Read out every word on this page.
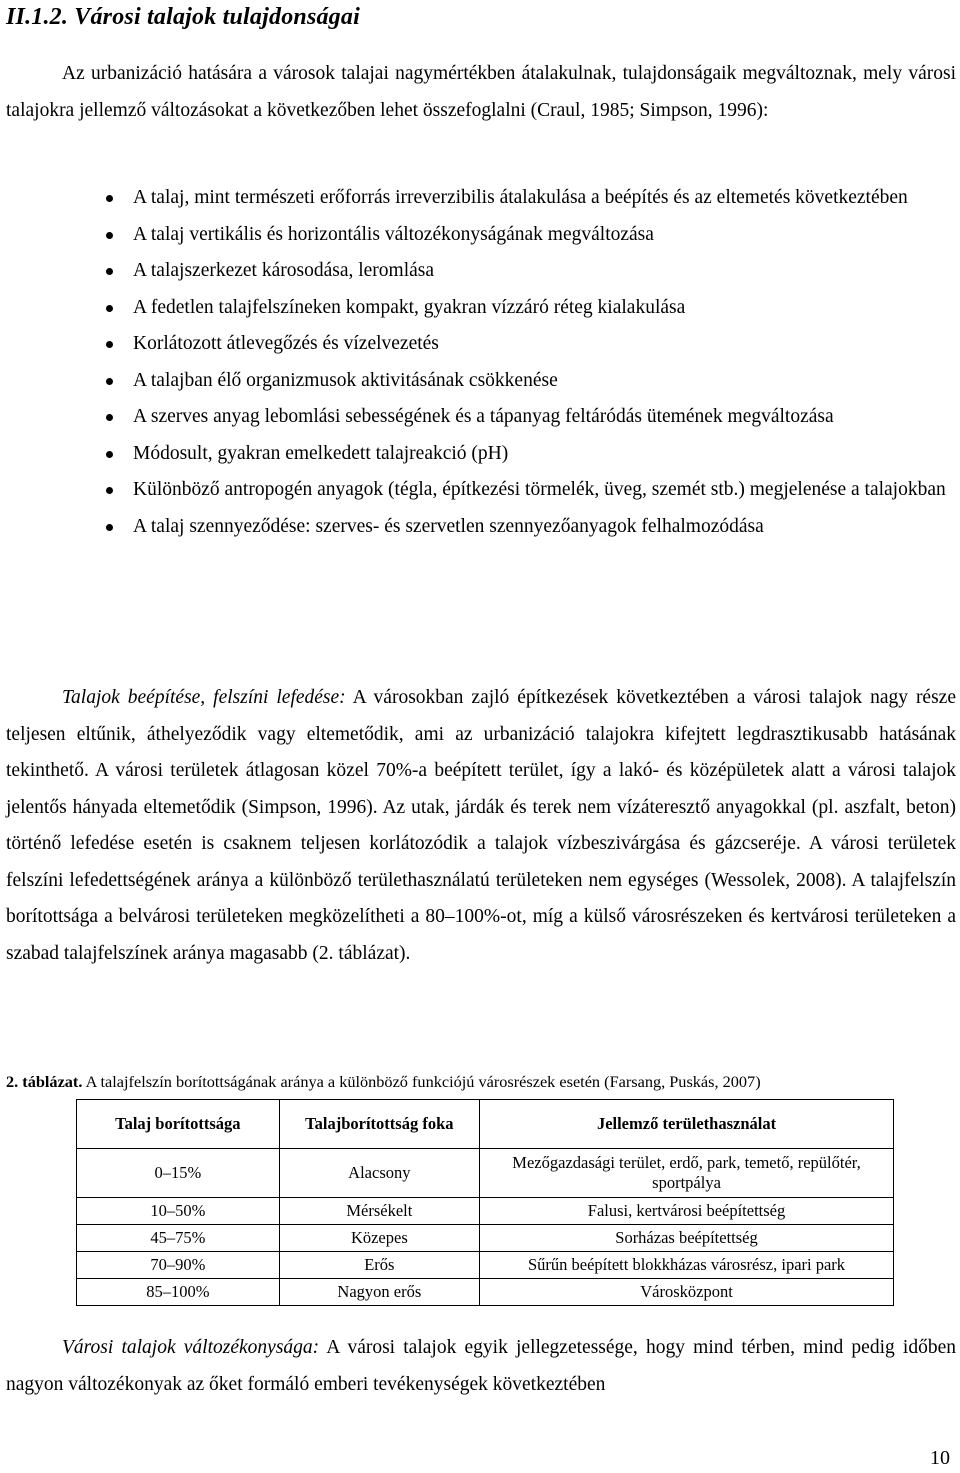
II.1.2. Városi talajok tulajdonságai

Az urbanizáció hatására a városok talajai nagymértékben átalakulnak, tulajdonságaik megváltoznak, mely városi talajokra jellemző változásokat a következőben lehet összefoglalni (Craul, 1985; Simpson, 1996):

A talaj, mint természeti erőforrás irreverzibilis átalakulása a beépítés és az eltemetés következtében
A talaj vertikális és horizontális változékonyságának megváltozása
A talajszerkezet károsodása, leromlása
A fedetlen talajfelszíneken kompakt, gyakran vízzáró réteg kialakulása
Korlátozott átlevegőzés és vízelvezetés
A talajban élő organizmusok aktivitásának csökkenése
A szerves anyag lebomlási sebességének és a tápanyag feltáródás ütemének megváltozása
Módosult, gyakran emelkedett talajreakció (pH)
Különböző antropogén anyagok (tégla, építkezési törmelék, üveg, szemét stb.) megjelenése a talajokban
A talaj szennyeződése: szerves- és szervetlen szennyezőanyagok felhalmozódása

Talajok beépítése, felszíni lefedése: A városokban zajló építkezések következtében a városi talajok nagy része teljesen eltűnik, áthelyeződik vagy eltemetődik, ami az urbanizáció talajokra kifejtett legdrasztikusabb hatásának tekinthető. A városi területek átlagosan közel 70%-a beépített terület, így a lakó- és középületek alatt a városi talajok jelentős hányada eltemetődik (Simpson, 1996). Az utak, járdák és terek nem vízáteresztő anyagokkal (pl. aszfalt, beton) történő lefedése esetén is csaknem teljesen korlátozódik a talajok vízbeszivárgása és gázcseréje. A városi területek felszíni lefedettségének aránya a különböző területhasználatú területeken nem egységes (Wessolek, 2008). A talajfelszín borítottsága a belvárosi területeken megközelítheti a 80–100%-ot, míg a külső városrészeken és kertvárosi területeken a szabad talajfelszínek aránya magasabb (2. táblázat).

2. táblázat. A talajfelszín borítottságának aránya a különböző funkciójú városrészek esetén (Farsang, Puskás, 2007)

Talaj borítottsága	Talajborítottság foka	Jellemző területhasználat
0–15%	Alacsony	Mezőgazdasági terület, erdő, park, temető, repülőtér, sportpálya
10–50%	Mérsékelt	Falusi, kertvárosi beépítettség
45–75%	Közepes	Sorházas beépítettség
70–90%	Erős	Sűrűn beépített blokkházas városrész, ipari park
85–100%	Nagyon erős	Városközpont

Városi talajok változékonysága: A városi talajok egyik jellegzetessége, hogy mind térben, mind pedig időben nagyon változékonyak az őket formáló emberi tevékenységek következtében

10
